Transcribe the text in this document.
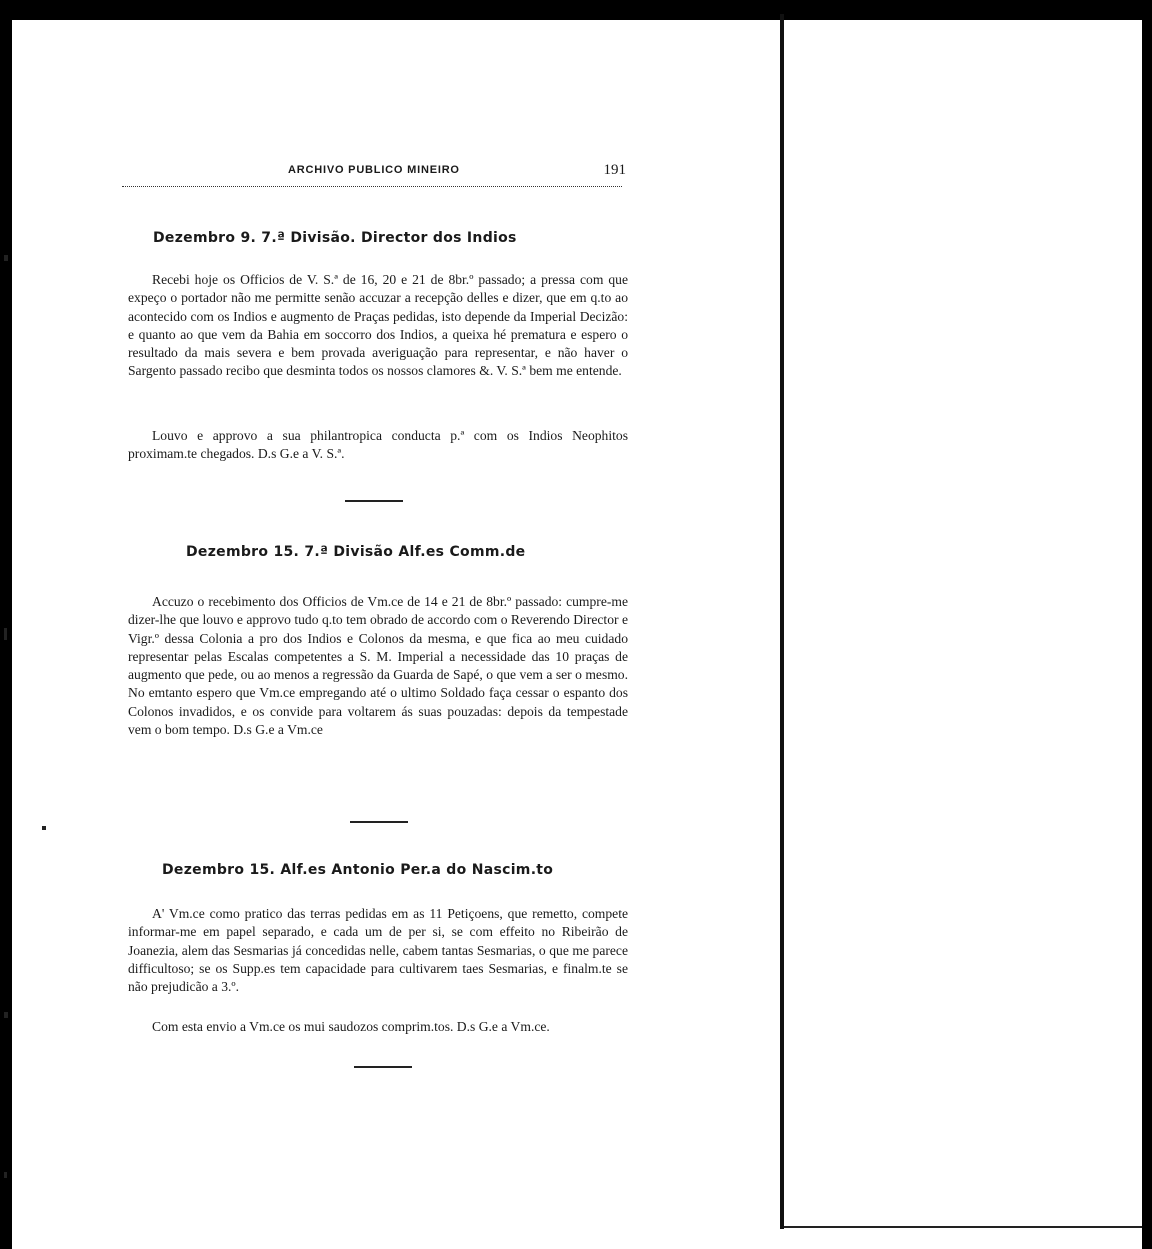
ARCHIVO PUBLICO MINEIRO	191
Dezembro 9. 7.ª Divisão. Director dos Indios

Recebi hoje os Officios de V. S.ª de 16, 20 e 21 de 8br.º passado; a pressa com que expeço o portador não me permitte senão accuzar a recepção delles e dizer, que em q.to ao acontecido com os Indios e augmento de Praças pedidas, isto depende da Imperial Decizão: e quanto ao que vem da Bahia em soccorro dos Indios, a queixa hé prematura e espero o resultado da mais severa e bem provada averiguação para representar, e não haver o Sargento passado recibo que desminta todos os nossos clamores &. V. S.ª bem me entende.

Louvo e approvo a sua philantropica conducta p.ª com os Indios Neophitos proximam.te chegados. D.s G.e a V. S.ª.

Dezembro 15. 7.ª Divisão Alf.es Comm.de

Accuzo o recebimento dos Officios de Vm.ce de 14 e 21 de 8br.º passado: cumpre-me dizer-lhe que louvo e approvo tudo q.to tem obrado de accordo com o Reverendo Director e Vigr.º dessa Colonia a pro dos Indios e Colonos da mesma, e que fica ao meu cuidado representar pelas Escalas competentes a S. M. Imperial a necessidade das 10 praças de augmento que pede, ou ao menos a regressão da Guarda de Sapé, o que vem a ser o mesmo. No emtanto espero que Vm.ce empregando até o ultimo Soldado faça cessar o espanto dos Colonos invadidos, e os convide para voltarem ás suas pouzadas: depois da tempestade vem o bom tempo. D.s G.e a Vm.ce

Dezembro 15. Alf.es Antonio Per.a do Nascim.to

A' Vm.ce como pratico das terras pedidas em as 11 Petiçoens, que remetto, compete informar-me em papel separado, e cada um de per si, se com effeito no Ribeirão de Joanezia, alem das Sesmarias já concedidas nelle, cabem tantas Sesmarias, o que me parece difficultoso; se os Supp.es tem capacidade para cultivarem taes Sesmarias, e finalm.te se não prejudicão a 3.º.

Com esta envio a Vm.ce os mui saudozos comprim.tos. D.s G.e a Vm.ce.
